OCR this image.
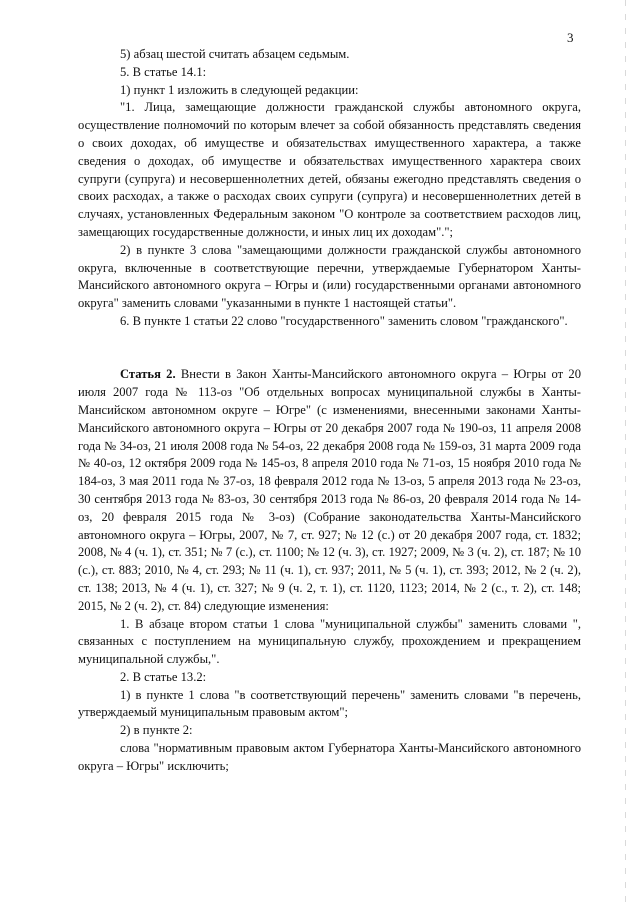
3

5) абзац шестой считать абзацем седьмым.

5. В статье 14.1:

1) пункт 1 изложить в следующей редакции:

"1. Лица, замещающие должности гражданской службы автономного округа, осуществление полномочий по которым влечет за собой обязанность представлять сведения о своих доходах, об имуществе и обязательствах имущественного характера, а также сведения о доходах, об имуществе и обязательствах имущественного характера своих супруги (супруга) и несовершеннолетних детей, обязаны ежегодно представлять сведения о своих расходах, а также о расходах своих супруги (супруга) и несовершеннолетних детей в случаях, установленных Федеральным законом "О контроле за соответствием расходов лиц, замещающих государственные должности, и иных лиц их доходам".";

2) в пункте 3 слова "замещающими должности гражданской службы автономного округа, включенные в соответствующие перечни, утверждаемые Губернатором Ханты-Мансийского автономного округа – Югры и (или) государственными органами автономного округа" заменить словами "указанными в пункте 1 настоящей статьи".

6. В пункте 1 статьи 22 слово "государственного" заменить словом "гражданского".

Статья 2. Внести в Закон Ханты-Мансийского автономного округа – Югры от 20 июля 2007 года № 113-оз "Об отдельных вопросах муниципальной службы в Ханты-Мансийском автономном округе – Югре" (с изменениями, внесенными законами Ханты-Мансийского автономного округа – Югры от 20 декабря 2007 года № 190-оз, 11 апреля 2008 года № 34-оз, 21 июля 2008 года № 54-оз, 22 декабря 2008 года № 159-оз, 31 марта 2009 года № 40-оз, 12 октября 2009 года № 145-оз, 8 апреля 2010 года № 71-оз, 15 ноября 2010 года № 184-оз, 3 мая 2011 года № 37-оз, 18 февраля 2012 года № 13-оз, 5 апреля 2013 года № 23-оз, 30 сентября 2013 года № 83-оз, 30 сентября 2013 года № 86-оз, 20 февраля 2014 года № 14-оз, 20 февраля 2015 года № 3-оз) (Собрание законодательства Ханты-Мансийского автономного округа – Югры, 2007, № 7, ст. 927; № 12 (с.) от 20 декабря 2007 года, ст. 1832; 2008, № 4 (ч. 1), ст. 351; № 7 (с.), ст. 1100; № 12 (ч. 3), ст. 1927; 2009, № 3 (ч. 2), ст. 187; № 10 (с.), ст. 883; 2010, № 4, ст. 293; № 11 (ч. 1), ст. 937; 2011, № 5 (ч. 1), ст. 393; 2012, № 2 (ч. 2), ст. 138; 2013, № 4 (ч. 1), ст. 327; № 9 (ч. 2, т. 1), ст. 1120, 1123; 2014, № 2 (с., т. 2), ст. 148; 2015, № 2 (ч. 2), ст. 84) следующие изменения:

1. В абзаце втором статьи 1 слова "муниципальной службы" заменить словами ", связанных с поступлением на муниципальную службу, прохождением и прекращением муниципальной службы,".

2. В статье 13.2:

1) в пункте 1 слова "в соответствующий перечень" заменить словами "в перечень, утверждаемый муниципальным правовым актом";

2) в пункте 2:

слова "нормативным правовым актом Губернатора Ханты-Мансийского автономного округа – Югры" исключить;
